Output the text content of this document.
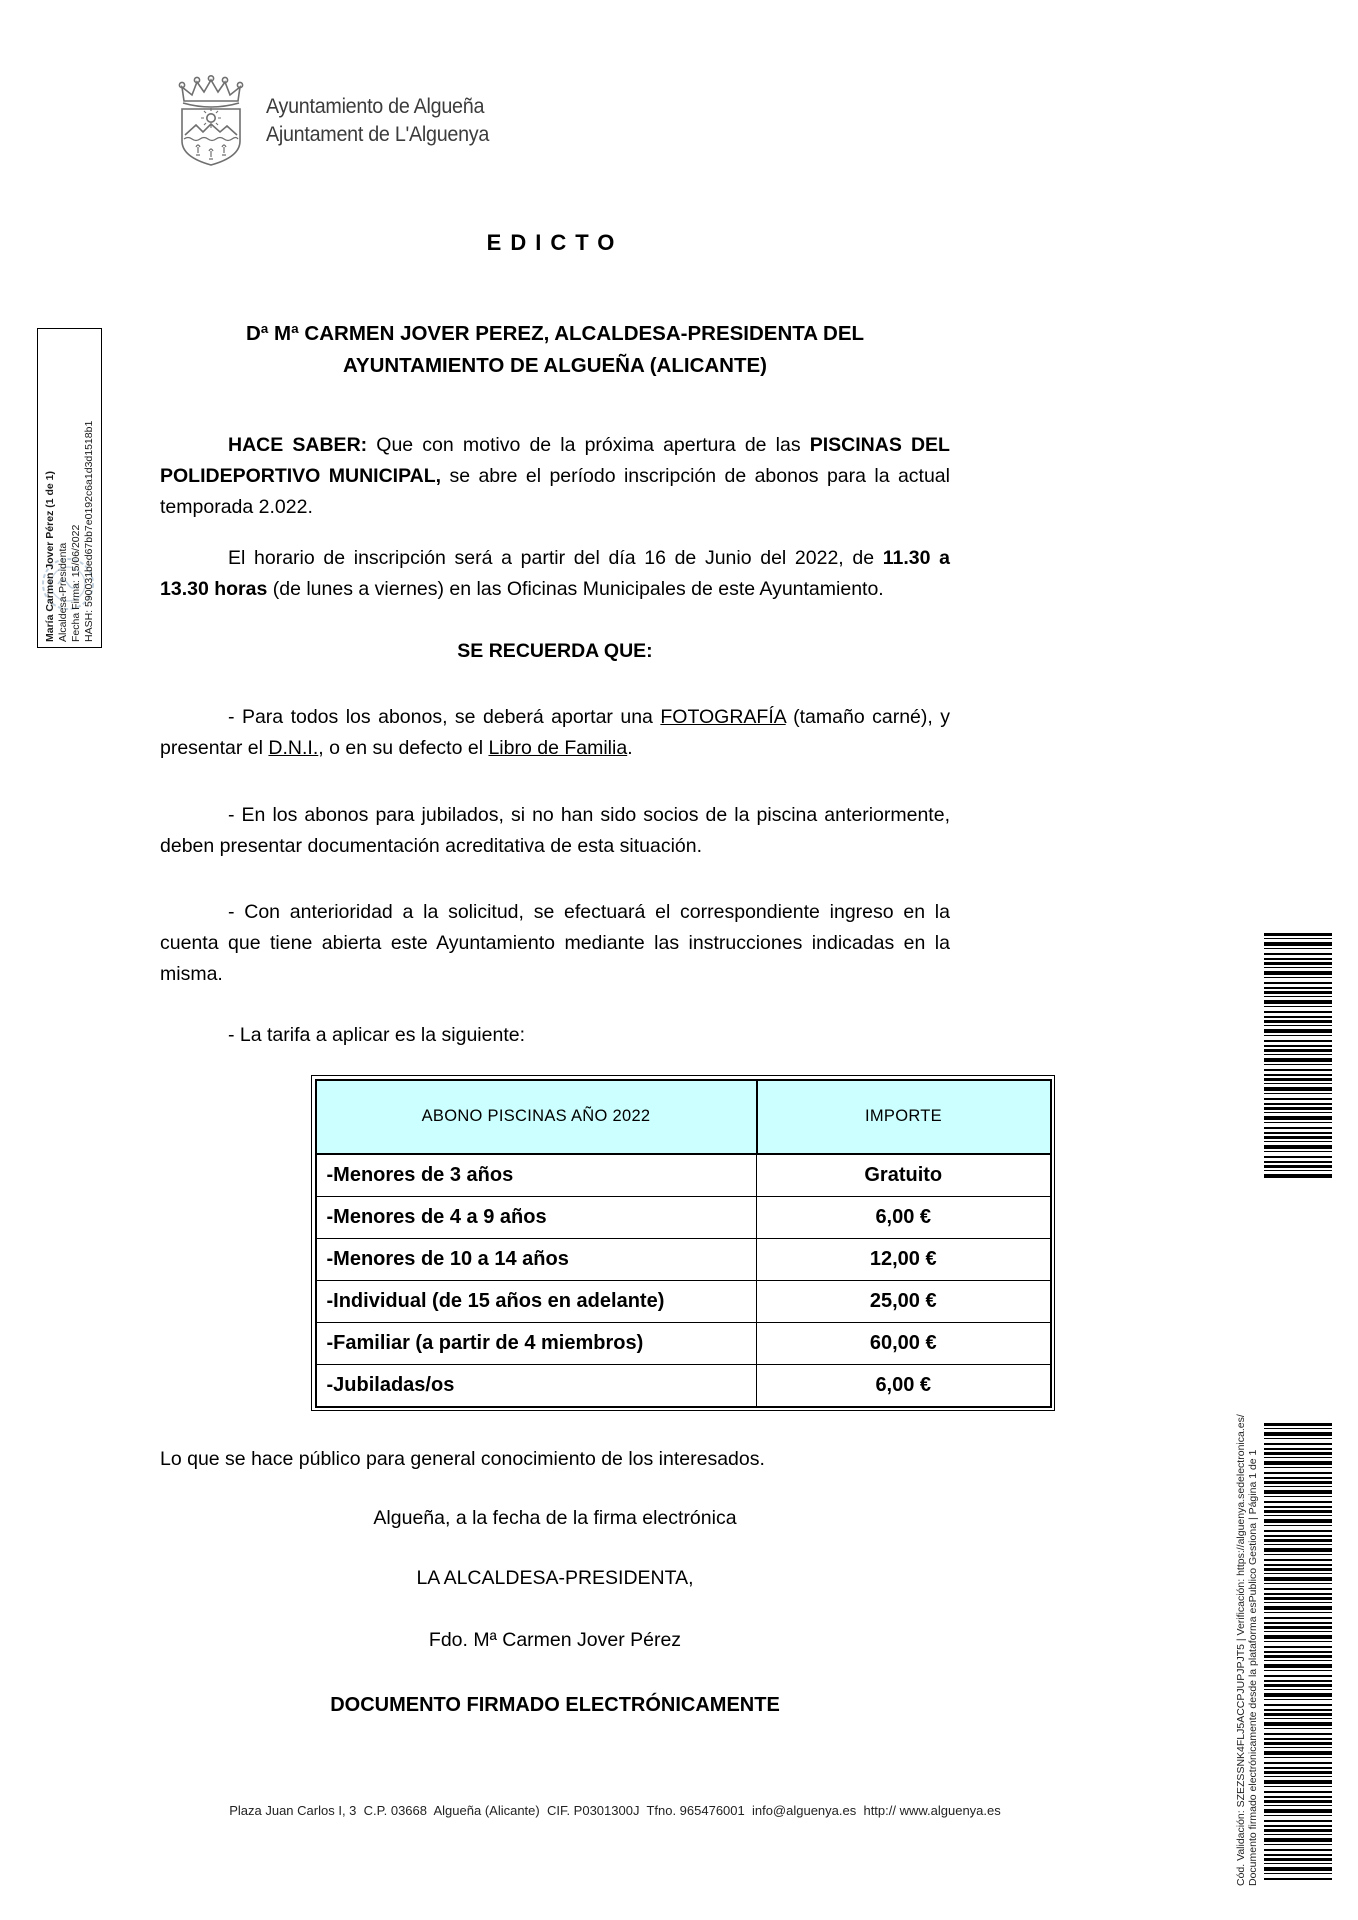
Ayuntamiento de Algueña
Ajuntament de L'Alguenya
EDICTO
Dª Mª CARMEN JOVER PEREZ, ALCALDESA-PRESIDENTA DEL AYUNTAMIENTO DE ALGUEÑA (ALICANTE)
HACE SABER: Que con motivo de la próxima apertura de las PISCINAS DEL POLIDEPORTIVO MUNICIPAL, se abre el período inscripción de abonos para la actual temporada 2.022.
El horario de inscripción será a partir del día 16 de Junio del 2022, de 11.30 a 13.30 horas (de lunes a viernes) en las Oficinas Municipales de este Ayuntamiento.
SE RECUERDA QUE:
- Para todos los abonos, se deberá aportar una FOTOGRAFÍA (tamaño carné), y presentar el D.N.I., o en su defecto el Libro de Familia.
- En los abonos para jubilados, si no han sido socios de la piscina anteriormente, deben presentar documentación acreditativa de esta situación.
- Con anterioridad a la solicitud, se efectuará el correspondiente ingreso en la cuenta que tiene abierta este Ayuntamiento mediante las instrucciones indicadas en la misma.
- La tarifa a aplicar es la siguiente:
ABONO PISCINAS AÑO 2022	IMPORTE
-Menores de 3 años	Gratuito
-Menores de 4 a 9 años	6,00 €
-Menores de 10 a 14 años	12,00 €
-Individual (de 15 años en adelante)	25,00 €
-Familiar (a partir de 4 miembros)	60,00 €
-Jubiladas/os	6,00 €
Lo que se hace público para general conocimiento de los interesados.
Algueña, a la fecha de la firma electrónica
LA ALCALDESA-PRESIDENTA,
Fdo. Mª Carmen Jover Pérez
DOCUMENTO FIRMADO ELECTRÓNICAMENTE
Plaza Juan Carlos I, 3  C.P. 03668  Algueña (Alicante)  CIF. P0301300J  Tfno. 965476001  info@alguenya.es  http:// www.alguenya.es
María Carmen Jover Pérez (1 de 1) Alcaldesa-Presidenta Fecha Firma: 15/06/2022 HASH: 590031bed67bb7e0192c6a1d3d1518b1
Cód. Validación: SZEZSSNK4FLJ5ACCPJUPJPJT5 | Verificación: https://alguenya.sedelectronica.es/ Documento firmado electrónicamente desde la plataforma esPublico Gestiona | Página 1 de 1
